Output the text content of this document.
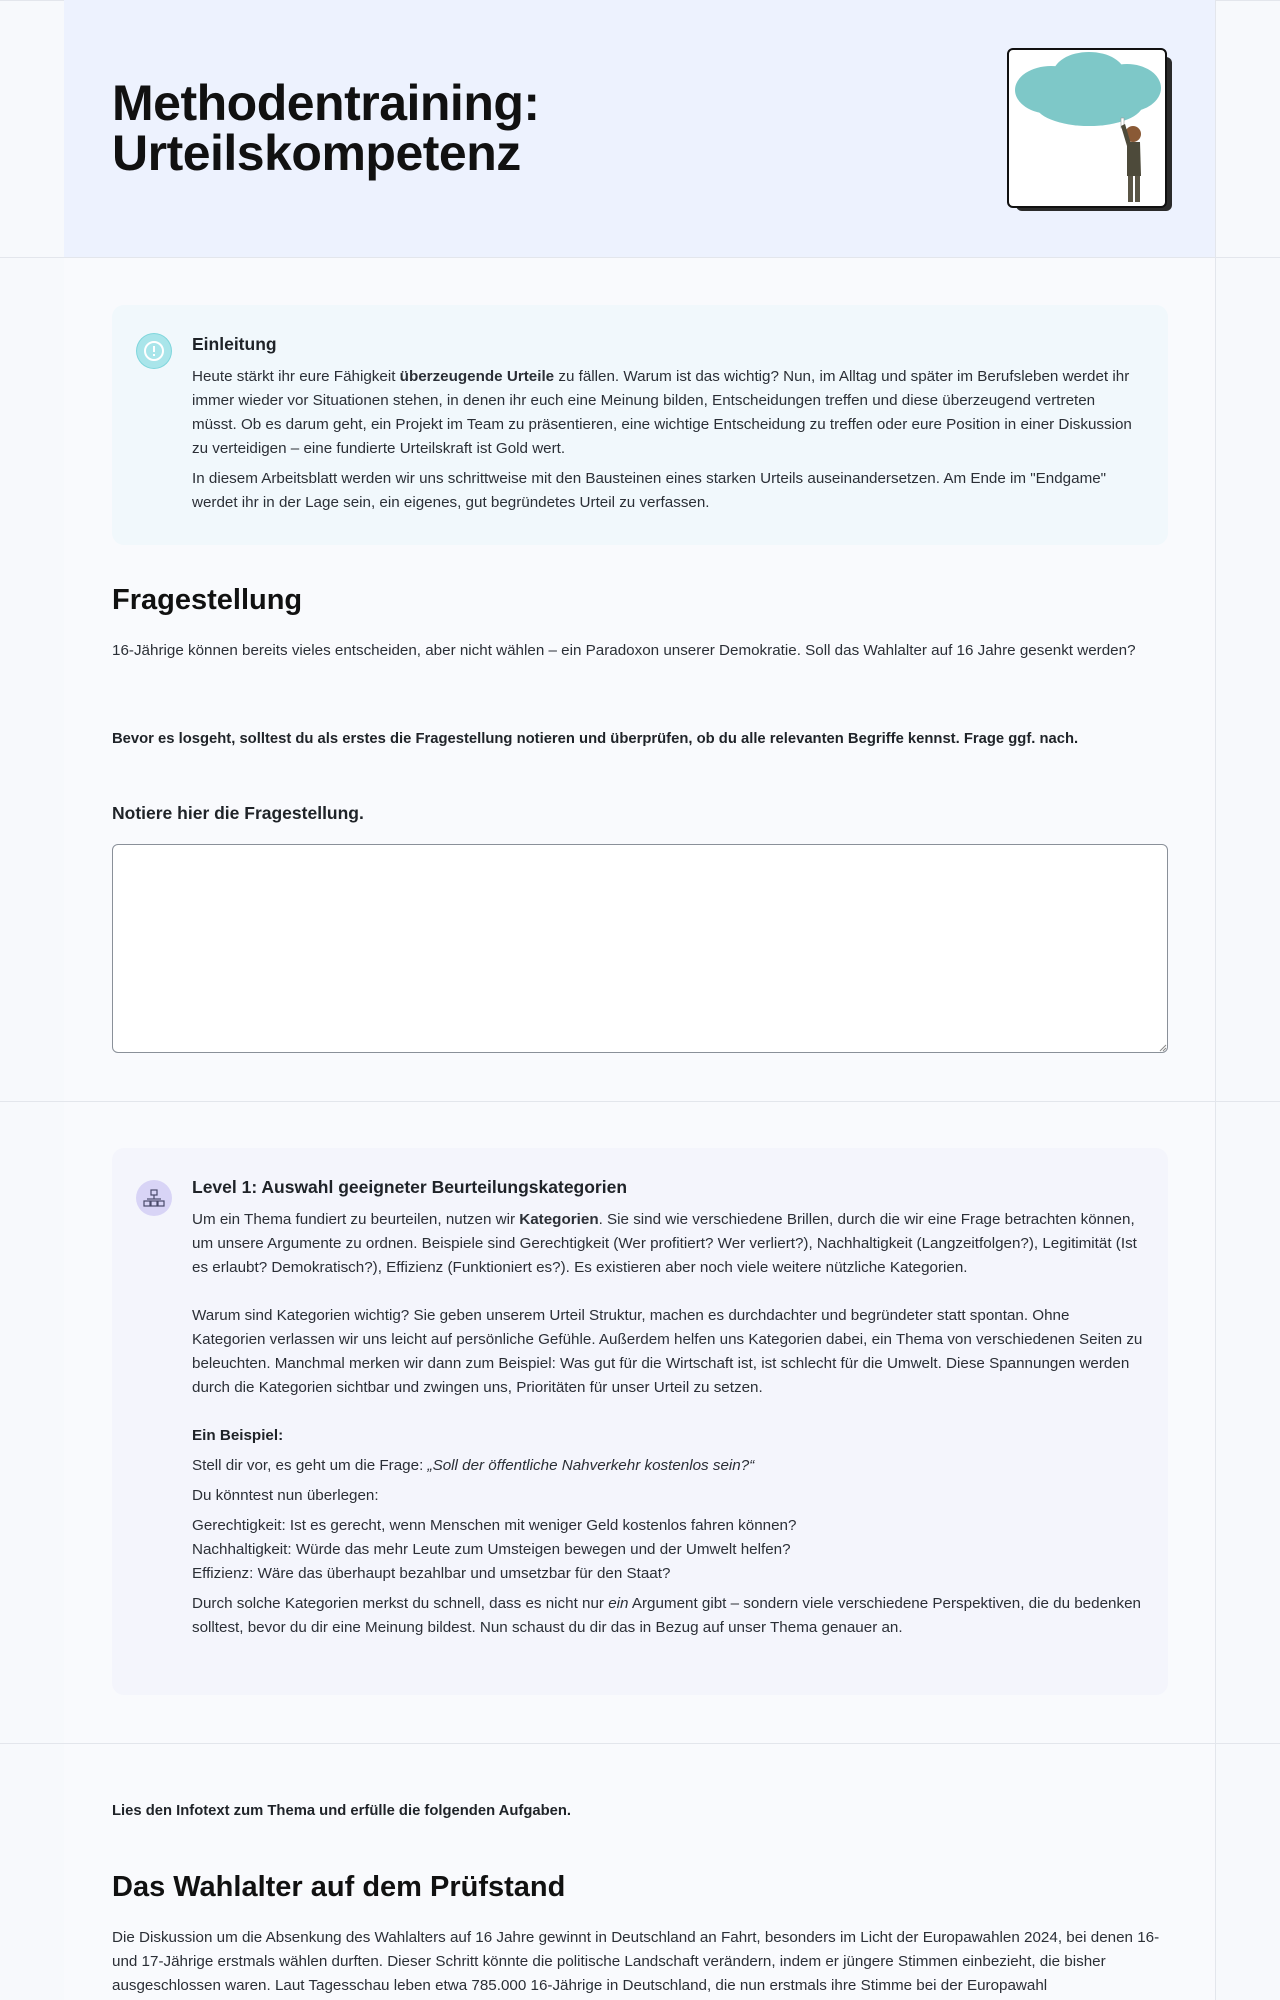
Methodentraining:
Urteilskompetenz
Einleitung

Heute stärkt ihr eure Fähigkeit überzeugende Urteile zu fällen. Warum ist das wichtig? Nun, im Alltag und später im Berufsleben werdet ihr immer wieder vor Situationen stehen, in denen ihr euch eine Meinung bilden, Entscheidungen treffen und diese überzeugend vertreten müsst. Ob es darum geht, ein Projekt im Team zu präsentieren, eine wichtige Entscheidung zu treffen oder eure Position in einer Diskussion zu verteidigen – eine fundierte Urteilskraft ist Gold wert.

In diesem Arbeitsblatt werden wir uns schrittweise mit den Bausteinen eines starken Urteils auseinandersetzen. Am Ende im "Endgame" werdet ihr in der Lage sein, ein eigenes, gut begründetes Urteil zu verfassen.

Fragestellung

16-Jährige können bereits vieles entscheiden, aber nicht wählen – ein Paradoxon unserer Demokratie. Soll das Wahlalter auf 16 Jahre gesenkt werden?

Bevor es losgeht, solltest du als erstes die Fragestellung notieren und überprüfen, ob du alle relevanten Begriffe kennst. Frage ggf. nach.

Notiere hier die Fragestellung.

Level 1: Auswahl geeigneter Beurteilungskategorien

Um ein Thema fundiert zu beurteilen, nutzen wir Kategorien. Sie sind wie verschiedene Brillen, durch die wir eine Frage betrachten können, um unsere Argumente zu ordnen. Beispiele sind Gerechtigkeit (Wer profitiert? Wer verliert?), Nachhaltigkeit (Langzeitfolgen?), Legitimität (Ist es erlaubt? Demokratisch?), Effizienz (Funktioniert es?). Es existieren aber noch viele weitere nützliche Kategorien.

Warum sind Kategorien wichtig? Sie geben unserem Urteil Struktur, machen es durchdachter und begründeter statt spontan. Ohne Kategorien verlassen wir uns leicht auf persönliche Gefühle. Außerdem helfen uns Kategorien dabei, ein Thema von verschiedenen Seiten zu beleuchten. Manchmal merken wir dann zum Beispiel: Was gut für die Wirtschaft ist, ist schlecht für die Umwelt. Diese Spannungen werden durch die Kategorien sichtbar und zwingen uns, Prioritäten für unser Urteil zu setzen.

Ein Beispiel:

Stell dir vor, es geht um die Frage: „Soll der öffentliche Nahverkehr kostenlos sein?“

Du könntest nun überlegen:

Gerechtigkeit: Ist es gerecht, wenn Menschen mit weniger Geld kostenlos fahren können?
Nachhaltigkeit: Würde das mehr Leute zum Umsteigen bewegen und der Umwelt helfen?
Effizienz: Wäre das überhaupt bezahlbar und umsetzbar für den Staat?

Durch solche Kategorien merkst du schnell, dass es nicht nur ein Argument gibt – sondern viele verschiedene Perspektiven, die du bedenken solltest, bevor du dir eine Meinung bildest. Nun schaust du dir das in Bezug auf unser Thema genauer an.

Lies den Infotext zum Thema und erfülle die folgenden Aufgaben.

Das Wahlalter auf dem Prüfstand

Die Diskussion um die Absenkung des Wahlalters auf 16 Jahre gewinnt in Deutschland an Fahrt, besonders im Licht der Europawahlen 2024, bei denen 16- und 17-Jährige erstmals wählen durften. Dieser Schritt könnte die politische Landschaft verändern, indem er jüngere Stimmen einbezieht, die bisher ausgeschlossen waren. Laut Tagesschau leben etwa 785.000 16-Jährige in Deutschland, die nun erstmals ihre Stimme bei der Europawahl
